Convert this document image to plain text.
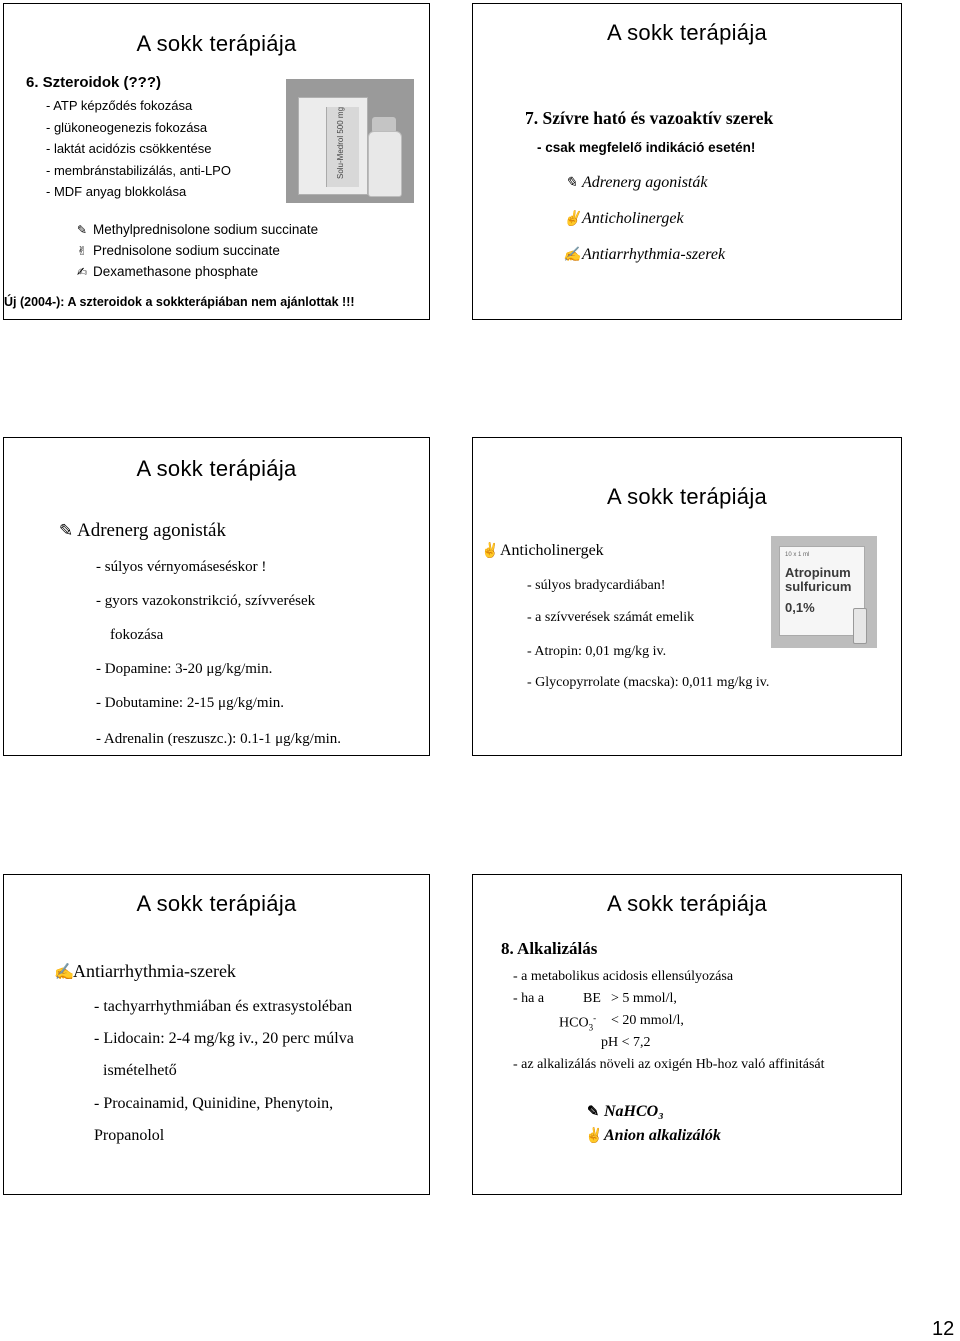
A sokk terápiája
6. Szteroidok (???)
- ATP képződés fokozása
- glükoneogenezis fokozása
- laktát acidózis csökkentése
- membránstabilizálás, anti-LPO
- MDF anyag blokkolása
Solu-Medrol 500 mg
✎ Methylprednisolone sodium succinate
✌ Prednisolone sodium succinate
✍ Dexamethasone phosphate
Új (2004-): A szteroidok a sokkterápiában nem ajánlottak !!!
A sokk terápiája
7. Szívre ható és vazoaktív szerek
- csak megfelelő indikáció esetén!
✎ Adrenerg agonisták
✌Anticholinergek
✍Antiarrhythmia-szerek
A sokk terápiája
✎ Adrenerg agonisták
- súlyos vérnyomáseséskor !
- gyors vazokonstrikció, szívverések
fokozása
- Dopamine: 3-20 μg/kg/min.
- Dobutamine: 2-15 μg/kg/min.
- Adrenalin (reszuszc.): 0.1-1 μg/kg/min.
A sokk terápiája
✌Anticholinergek
- súlyos bradycardiában!
- a szívverések számát emelik
- Atropin: 0,01 mg/kg iv.
- Glycopyrrolate (macska): 0,011 mg/kg iv.
10 x 1 ml
Atropinum
sulfuricum
0,1%
A sokk terápiája
✍Antiarrhythmia-szerek
- tachyarrhythmiában és extrasystoléban
- Lidocain: 2-4 mg/kg iv., 20 perc múlva
ismételhető
- Procainamid, Quinidine, Phenytoin,
Propanolol
A sokk terápiája
8. Alkalizálás
- a metabolikus acidosis ellensúlyozása
- ha a	BE > 5 mmol/l,
$HCO_3^- < 20$ mmol/l,
pH < 7,2
- az alkalizálás növeli az oxigén Hb-hoz való affinitását
✎ NaHCO₃
✌Anion alkalizálók
12
